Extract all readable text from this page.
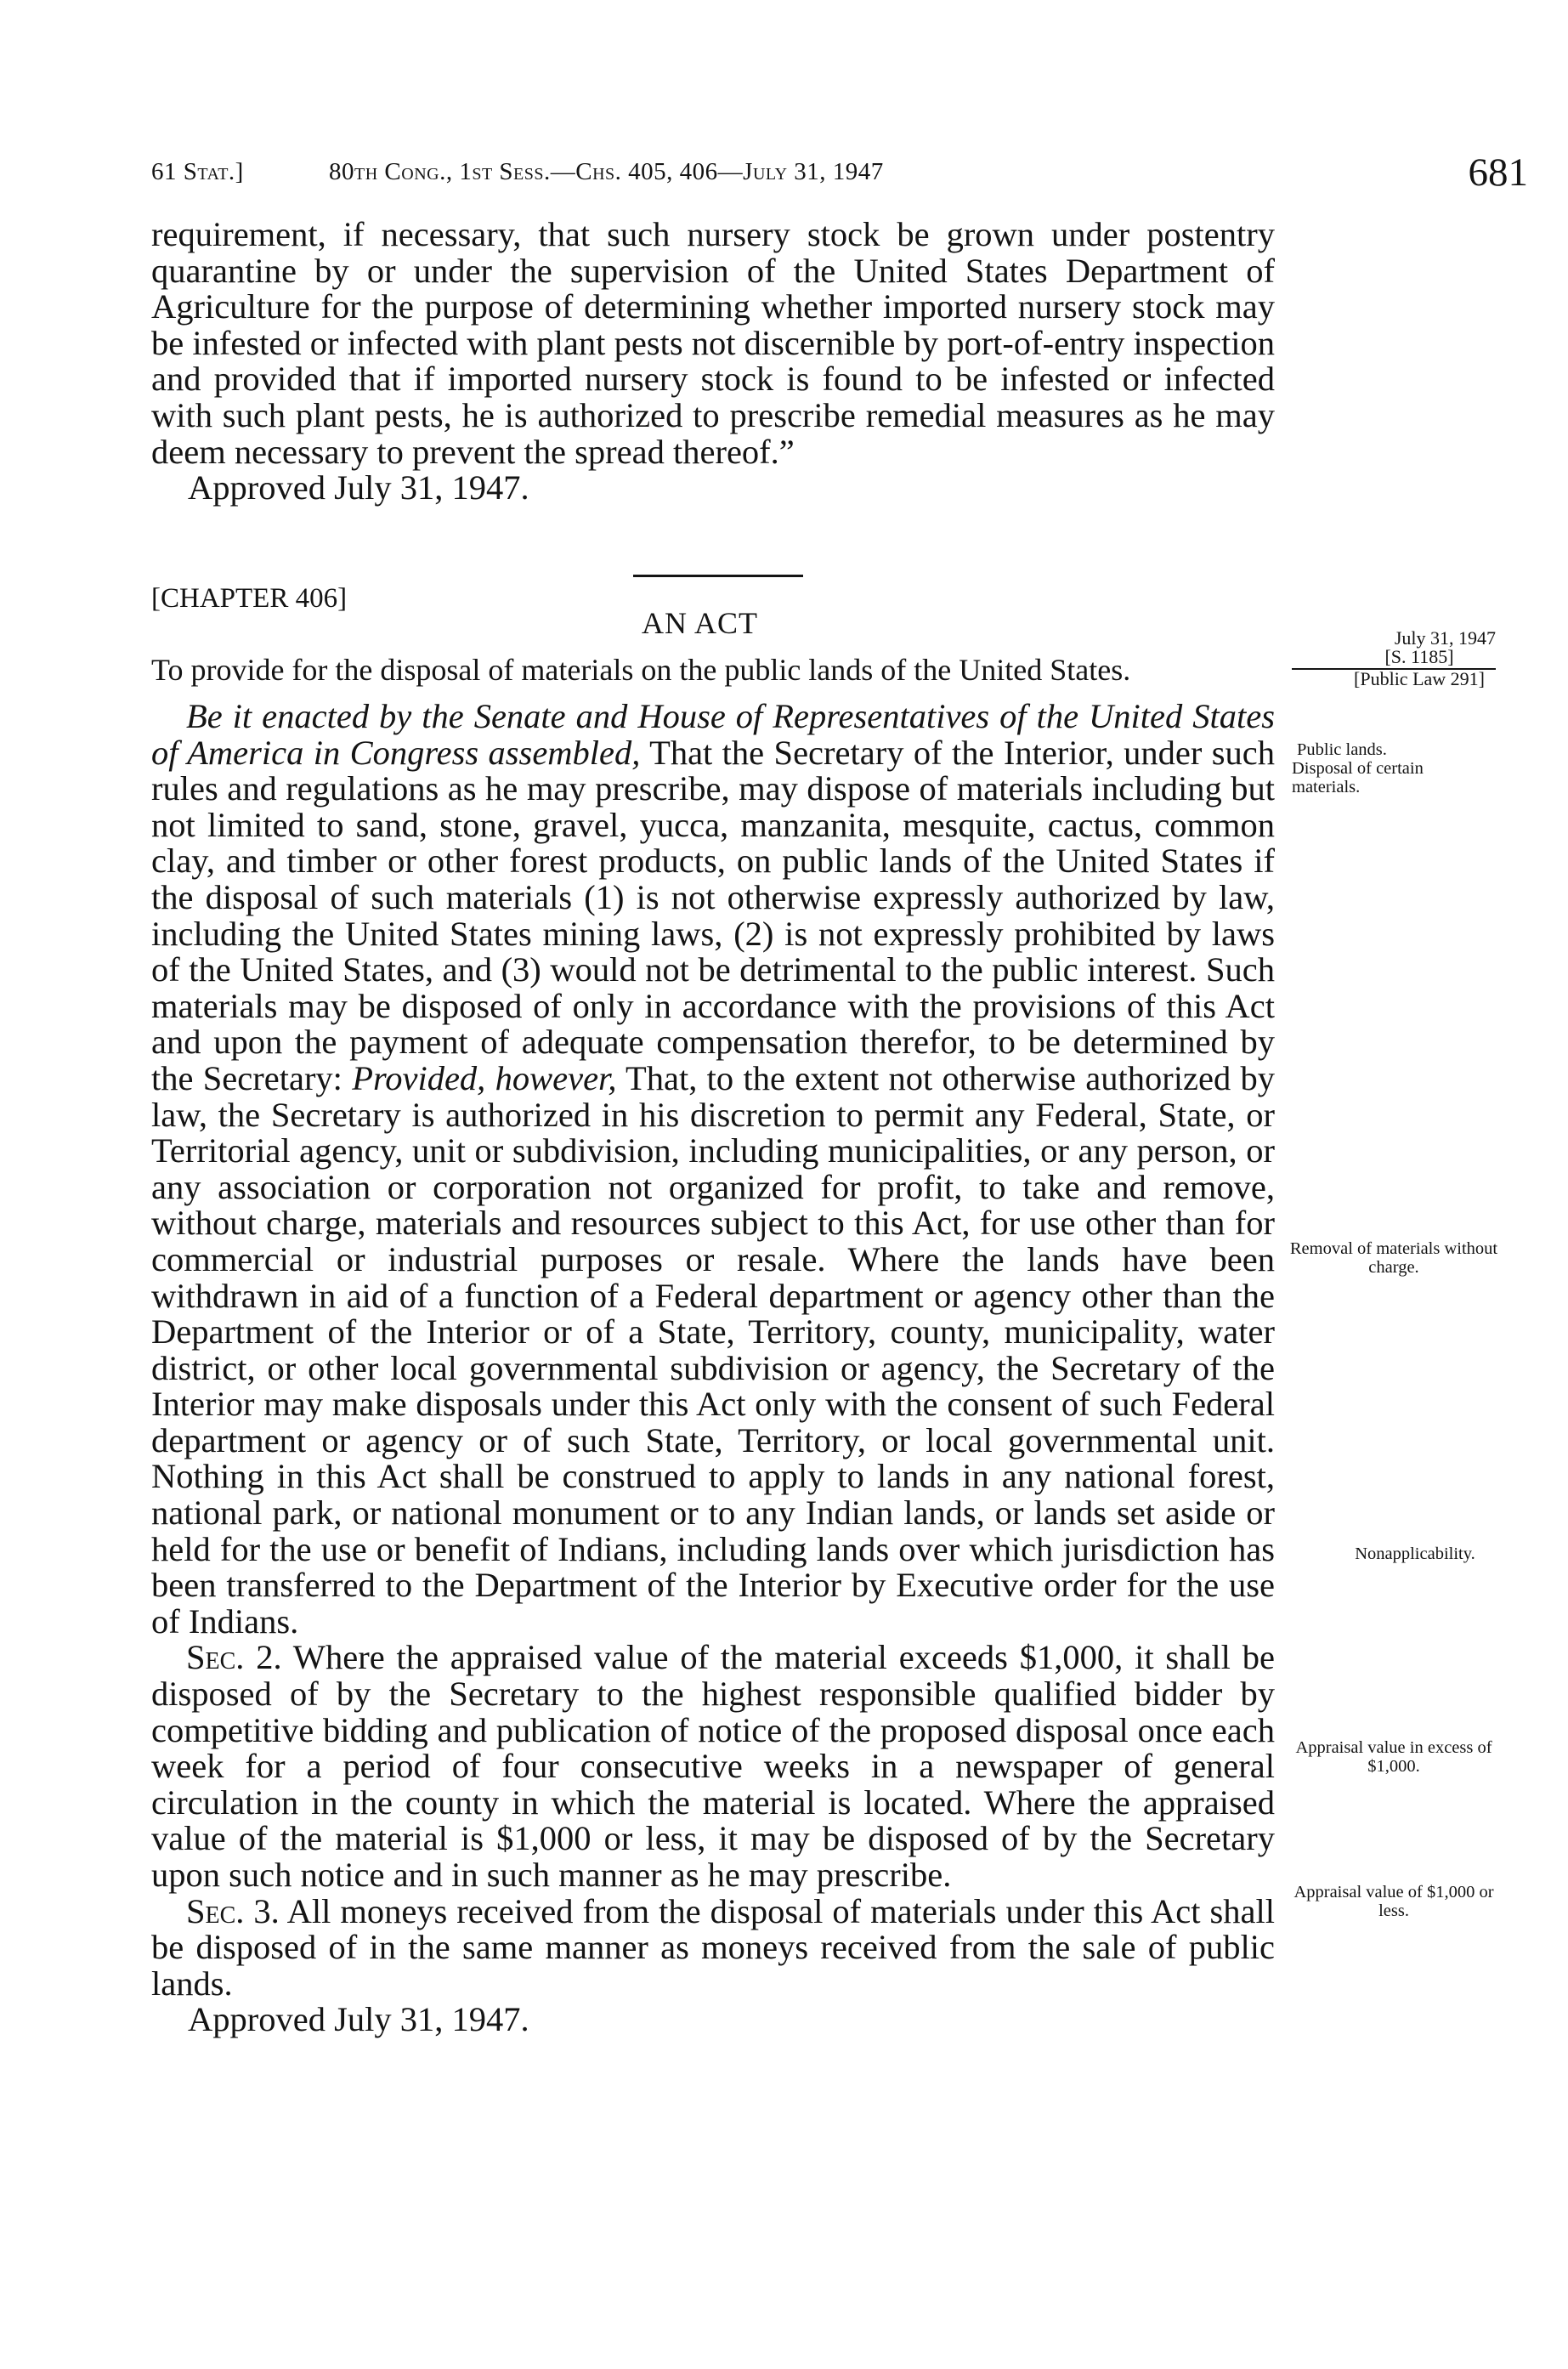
61 Stat.]	80th Cong., 1st Sess.—Chs. 405, 406—July 31, 1947	681

requirement, if necessary, that such nursery stock be grown under postentry quarantine by or under the supervision of the United States Department of Agriculture for the purpose of determining whether imported nursery stock may be infested or infected with plant pests not discernible by port-of-entry inspection and provided that if imported nursery stock is found to be infested or infected with such plant pests, he is authorized to prescribe remedial measures as he may deem necessary to prevent the spread thereof.”

Approved July 31, 1947.

[CHAPTER 406]
AN ACT
To provide for the disposal of materials on the public lands of the United States.
July 31, 1947
[S. 1185]
[Public Law 291]
Public lands.
Disposal of certain materials.
Removal of materials without charge.
Nonapplicability.
Appraisal value in excess of $1,000.
Appraisal value of $1,000 or less.

Be it enacted by the Senate and House of Representatives of the United States of America in Congress assembled, That the Secretary of the Interior, under such rules and regulations as he may prescribe, may dispose of materials including but not limited to sand, stone, gravel, yucca, manzanita, mesquite, cactus, common clay, and timber or other forest products, on public lands of the United States if the disposal of such materials (1) is not otherwise expressly authorized by law, including the United States mining laws, (2) is not expressly prohibited by laws of the United States, and (3) would not be detrimental to the public interest. Such materials may be disposed of only in accordance with the provisions of this Act and upon the payment of adequate compensation therefor, to be determined by the Secretary: Provided, however, That, to the extent not otherwise authorized by law, the Secretary is authorized in his discretion to permit any Federal, State, or Territorial agency, unit or subdivision, including municipalities, or any person, or any association or corporation not organized for profit, to take and remove, without charge, materials and resources subject to this Act, for use other than for commercial or industrial purposes or resale. Where the lands have been withdrawn in aid of a function of a Federal department or agency other than the Department of the Interior or of a State, Territory, county, municipality, water district, or other local governmental subdivision or agency, the Secretary of the Interior may make disposals under this Act only with the consent of such Federal department or agency or of such State, Territory, or local governmental unit. Nothing in this Act shall be construed to apply to lands in any national forest, national park, or national monument or to any Indian lands, or lands set aside or held for the use or benefit of Indians, including lands over which jurisdiction has been transferred to the Department of the Interior by Executive order for the use of Indians.

Sec. 2. Where the appraised value of the material exceeds $1,000, it shall be disposed of by the Secretary to the highest responsible qualified bidder by competitive bidding and publication of notice of the proposed disposal once each week for a period of four consecutive weeks in a newspaper of general circulation in the county in which the material is located. Where the appraised value of the material is $1,000 or less, it may be disposed of by the Secretary upon such notice and in such manner as he may prescribe.

Sec. 3. All moneys received from the disposal of materials under this Act shall be disposed of in the same manner as moneys received from the sale of public lands.

Approved July 31, 1947.
